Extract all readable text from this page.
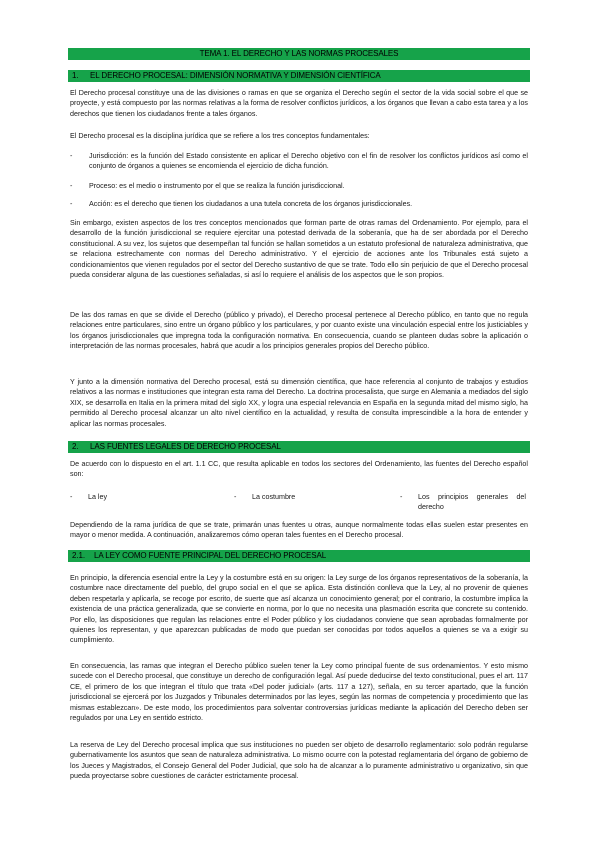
TEMA 1. EL DERECHO Y LAS NORMAS PROCESALES
1. EL DERECHO PROCESAL: DIMENSIÓN NORMATIVA Y DIMENSIÓN CIENTÍFICA

El Derecho procesal constituye una de las divisiones o ramas en que se organiza el Derecho según el sector de la vida social sobre el que se proyecte, y está compuesto por las normas relativas a la forma de resolver conflictos jurídicos, a los órganos que llevan a cabo esta tarea y a los derechos que tienen los ciudadanos frente a tales órganos.

El Derecho procesal es la disciplina jurídica que se refiere a los tres conceptos fundamentales:

- Jurisdicción: es la función del Estado consistente en aplicar el Derecho objetivo con el fin de resolver los conflictos jurídicos así como el conjunto de órganos a quienes se encomienda el ejercicio de dicha función.
- Proceso: es el medio o instrumento por el que se realiza la función jurisdiccional.
- Acción: es el derecho que tienen los ciudadanos a una tutela concreta de los órganos jurisdiccionales.

Sin embargo, existen aspectos de los tres conceptos mencionados que forman parte de otras ramas del Ordenamiento. Por ejemplo, para el desarrollo de la función jurisdiccional se requiere ejercitar una potestad derivada de la soberanía, que ha de ser abordada por el Derecho constitucional. A su vez, los sujetos que desempeñan tal función se hallan sometidos a un estatuto profesional de naturaleza administrativa, que se relaciona estrechamente con normas del Derecho administrativo. Y el ejercicio de acciones ante los Tribunales está sujeto a condicionamientos que vienen regulados por el sector del Derecho sustantivo de que se trate. Todo ello sin perjuicio de que el Derecho procesal pueda considerar alguna de las cuestiones señaladas, si así lo requiere el análisis de los aspectos que le son propios.

De las dos ramas en que se divide el Derecho (público y privado), el Derecho procesal pertenece al Derecho público, en tanto que no regula relaciones entre particulares, sino entre un órgano público y los particulares, y por cuanto existe una vinculación especial entre los justiciables y los órganos jurisdiccionales que impregna toda la configuración normativa. En consecuencia, cuando se planteen dudas sobre la aplicación o interpretación de las normas procesales, habrá que acudir a los principios generales propios del Derecho público.

Y junto a la dimensión normativa del Derecho procesal, está su dimensión científica, que hace referencia al conjunto de trabajos y estudios relativos a las normas e instituciones que integran esta rama del Derecho. La doctrina procesalista, que surge en Alemania a mediados del siglo XIX, se desarrolla en Italia en la primera mitad del siglo XX, y logra una especial relevancia en España en la segunda mitad del mismo siglo, ha permitido al Derecho procesal alcanzar un alto nivel científico en la actualidad, y resulta de consulta imprescindible a la hora de entender y aplicar las normas procesales.

2. LAS FUENTES LEGALES DE DERECHO PROCESAL

De acuerdo con lo dispuesto en el art. 1.1 CC, que resulta aplicable en todos los sectores del Ordenamiento, las fuentes del Derecho español son:

- La ley	- La costumbre	- Los principios generales del derecho

Dependiendo de la rama jurídica de que se trate, primarán unas fuentes u otras, aunque normalmente todas ellas suelen estar presentes en mayor o menor medida. A continuación, analizaremos cómo operan tales fuentes en el Derecho procesal.

2.1. LA LEY COMO FUENTE PRINCIPAL DEL DERECHO PROCESAL

En principio, la diferencia esencial entre la Ley y la costumbre está en su origen: la Ley surge de los órganos representativos de la soberanía, la costumbre nace directamente del pueblo, del grupo social en el que se aplica. Esta distinción conlleva que la Ley, al no provenir de quienes deben respetarla y aplicarla, se recoge por escrito, de suerte que así alcanza un conocimiento general; por el contrario, la costumbre implica la existencia de una práctica generalizada, que se convierte en norma, por lo que no necesita una plasmación escrita que concrete su contenido. Por ello, las disposiciones que regulan las relaciones entre el Poder público y los ciudadanos conviene que sean aprobadas formalmente por quienes los representan, y que aparezcan publicadas de modo que puedan ser conocidas por todos aquellos a quienes se va a exigir su cumplimiento.

En consecuencia, las ramas que integran el Derecho público suelen tener la Ley como principal fuente de sus ordenamientos. Y esto mismo sucede con el Derecho procesal, que constituye un derecho de configuración legal. Así puede deducirse del texto constitucional, pues el art. 117 CE, el primero de los que integran el título que trata «Del poder judicial» (arts. 117 a 127), señala, en su tercer apartado, que la función jurisdiccional se ejercerá por los Juzgados y Tribunales determinados por las leyes, según las normas de competencia y procedimiento que las mismas establezcan». De este modo, los procedimientos para solventar controversias jurídicas mediante la aplicación del Derecho deben ser regulados por una Ley en sentido estricto.

La reserva de Ley del Derecho procesal implica que sus instituciones no pueden ser objeto de desarrollo reglamentario: solo podrán regularse gubernativamente los asuntos que sean de naturaleza administrativa. Lo mismo ocurre con la potestad reglamentaria del órgano de gobierno de los Jueces y Magistrados, el Consejo General del Poder Judicial, que solo ha de alcanzar a lo puramente administrativo u organizativo, sin que pueda proyectarse sobre cuestiones de carácter estrictamente procesal.
